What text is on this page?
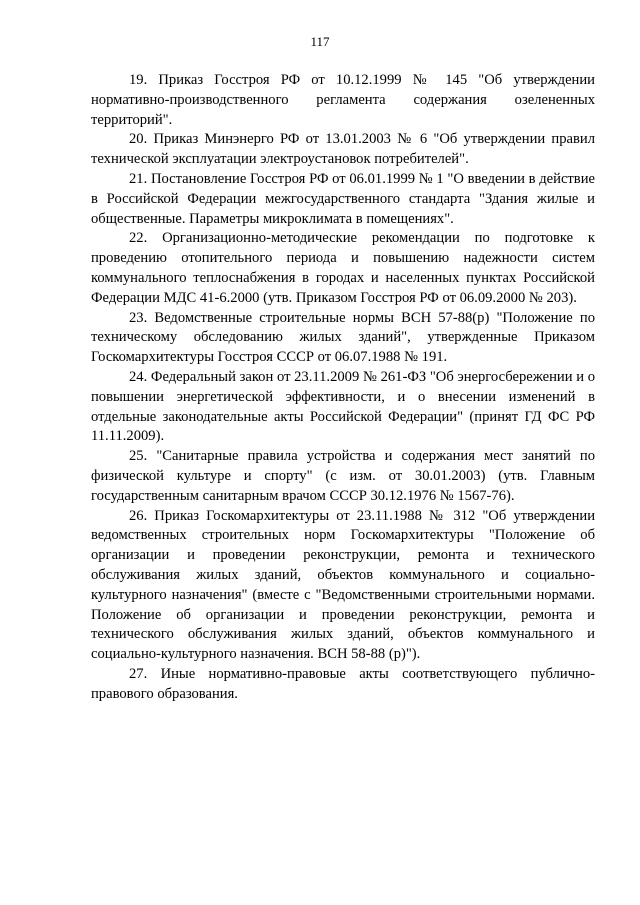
117

19. Приказ Госстроя РФ от 10.12.1999 № 145 "Об утверждении нормативно-производственного регламента содержания озелененных территорий".

20. Приказ Минэнерго РФ от 13.01.2003 № 6 "Об утверждении правил технической эксплуатации электроустановок потребителей".

21. Постановление Госстроя РФ от 06.01.1999 № 1 "О введении в действие в Российской Федерации межгосударственного стандарта "Здания жилые и общественные. Параметры микроклимата в помещениях".

22. Организационно-методические рекомендации по подготовке к проведению отопительного периода и повышению надежности систем коммунального теплоснабжения в городах и населенных пунктах Российской Федерации МДС 41-6.2000 (утв. Приказом Госстроя РФ от 06.09.2000 № 203).

23. Ведомственные строительные нормы ВСН 57-88(р) "Положение по техническому обследованию жилых зданий", утвержденные Приказом Госкомархитектуры Госстроя СССР от 06.07.1988 № 191.

24. Федеральный закон от 23.11.2009 № 261-ФЗ "Об энергосбережении и о повышении энергетической эффективности, и о внесении изменений в отдельные законодательные акты Российской Федерации" (принят ГД ФС РФ 11.11.2009).

25. "Санитарные правила устройства и содержания мест занятий по физической культуре и спорту" (с изм. от 30.01.2003) (утв. Главным государственным санитарным врачом СССР 30.12.1976 № 1567-76).

26. Приказ Госкомархитектуры от 23.11.1988 № 312 "Об утверждении ведомственных строительных норм Госкомархитектуры "Положение об организации и проведении реконструкции, ремонта и технического обслуживания жилых зданий, объектов коммунального и социально-культурного назначения" (вместе с "Ведомственными строительными нормами. Положение об организации и проведении реконструкции, ремонта и технического обслуживания жилых зданий, объектов коммунального и социально-культурного назначения. ВСН 58-88 (р)").

27. Иные нормативно-правовые акты соответствующего публично-правового образования.
